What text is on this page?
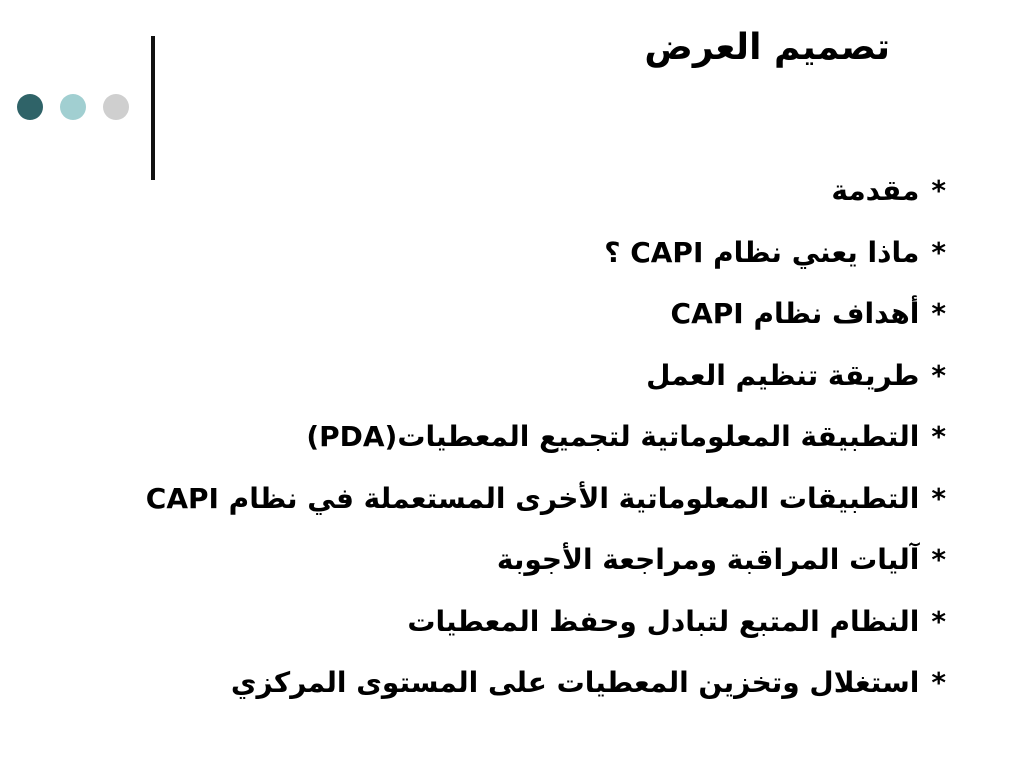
تصميم العرض
*مقدمة
*ماذا يعني نظام CAPI ؟
*أهداف نظام CAPI
*طريقة تنظيم العمل
*التطبيقة المعلوماتية لتجميع المعطيات(PDA)
*التطبيقات المعلوماتية الأخرى المستعملة في نظام CAPI
*آليات المراقبة ومراجعة الأجوبة
*النظام المتبع لتبادل وحفظ المعطيات
*استغلال وتخزين المعطيات على المستوى المركزي
